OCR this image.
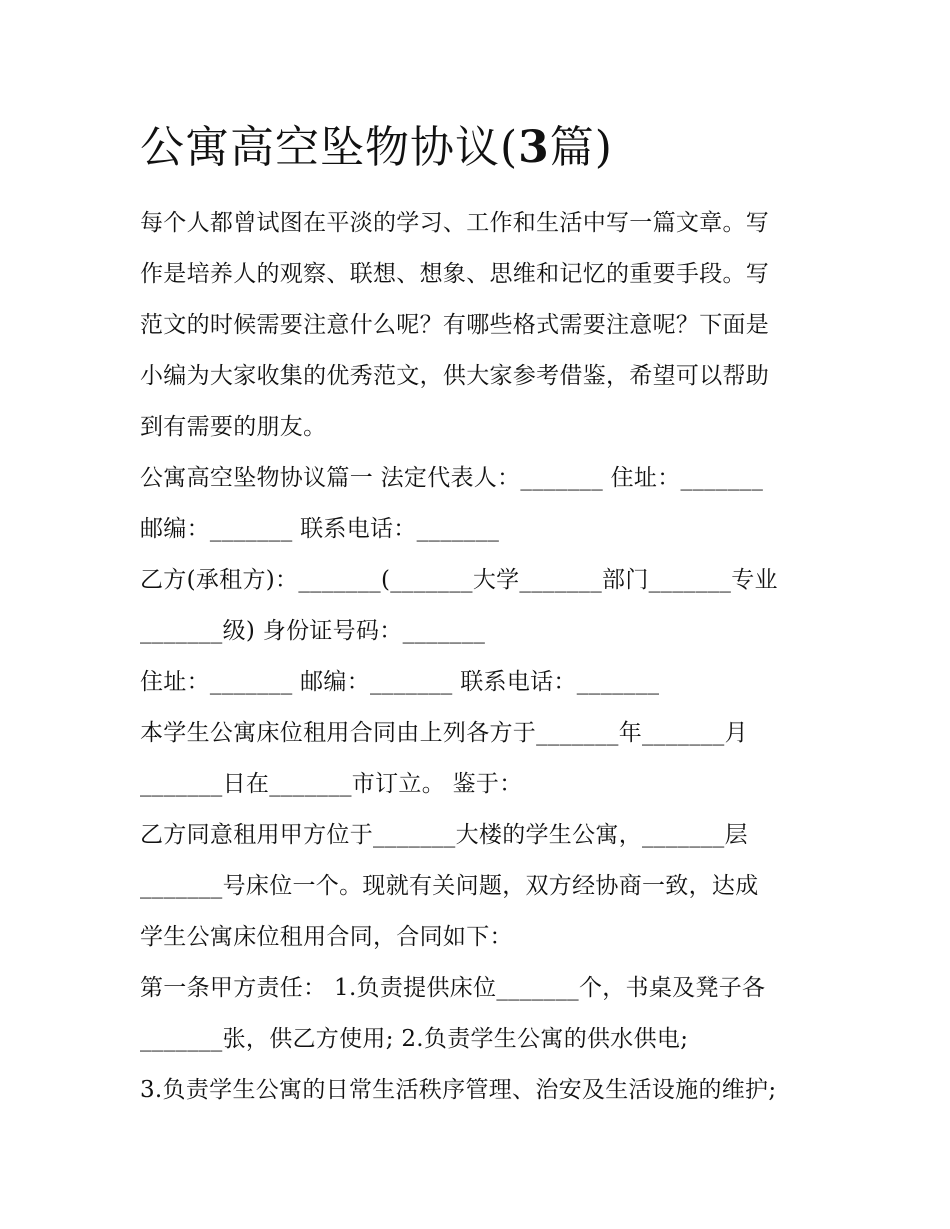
公寓高空坠物协议(3篇)

每个人都曾试图在平淡的学习、工作和生活中写一篇文章。写

作是培养人的观察、联想、想象、思维和记忆的重要手段。写

范文的时候需要注意什么呢？有哪些格式需要注意呢？下面是

小编为大家收集的优秀范文，供大家参考借鉴，希望可以帮助

到有需要的朋友。

公寓高空坠物协议篇一 法定代表人：_______ 住址：_______

邮编：_______ 联系电话：_______

乙方(承租方)：_______(_______大学_______部门_______专业

_______级) 身份证号码：_______

住址：_______ 邮编：_______ 联系电话：_______

本学生公寓床位租用合同由上列各方于_______年_______月

_______日在_______市订立。 鉴于：

乙方同意租用甲方位于_______大楼的学生公寓，_______层

_______号床位一个。现就有关问题，双方经协商一致，达成

学生公寓床位租用合同，合同如下：

第一条甲方责任： 1.负责提供床位_______个，书桌及凳子各

_______张，供乙方使用; 2.负责学生公寓的供水供电;

3.负责学生公寓的日常生活秩序管理、治安及生活设施的维护;
